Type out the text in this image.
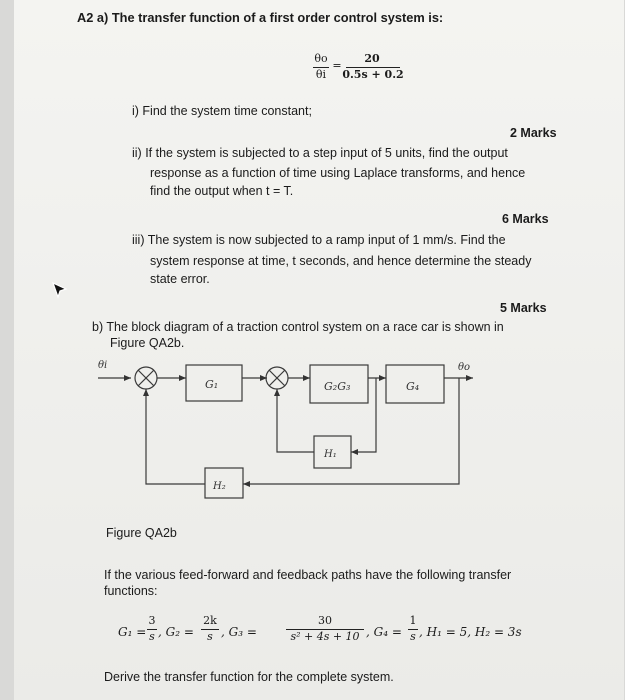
A2 a) The transfer function of a first order control system is:
θo
θi
=
20
0.5s + 0.2
i) Find the system time constant;
2 Marks
ii) If the system is subjected to a step input of 5 units, find the output
response as a function of time using Laplace transforms, and hence
find the output when t = T.
6 Marks
iii) The system is now subjected to a ramp input of 1 mm/s. Find the
system response at time, t seconds, and hence determine the steady
state error.
5 Marks
b) The block diagram of a traction control system on a race car is shown in
Figure QA2b.
θi	θo
G₁	G₂G₃	G₄
H₁
H₂
Figure QA2b
If the various feed-forward and feedback paths have the following transfer
functions:
G₁ =
3
s , G₂ =
2k
s , G₃ =
30
s² + 4s + 10 , G₄ =
1
s , H₁ = 5, H₂ = 3s
Derive the transfer function for the complete system.
